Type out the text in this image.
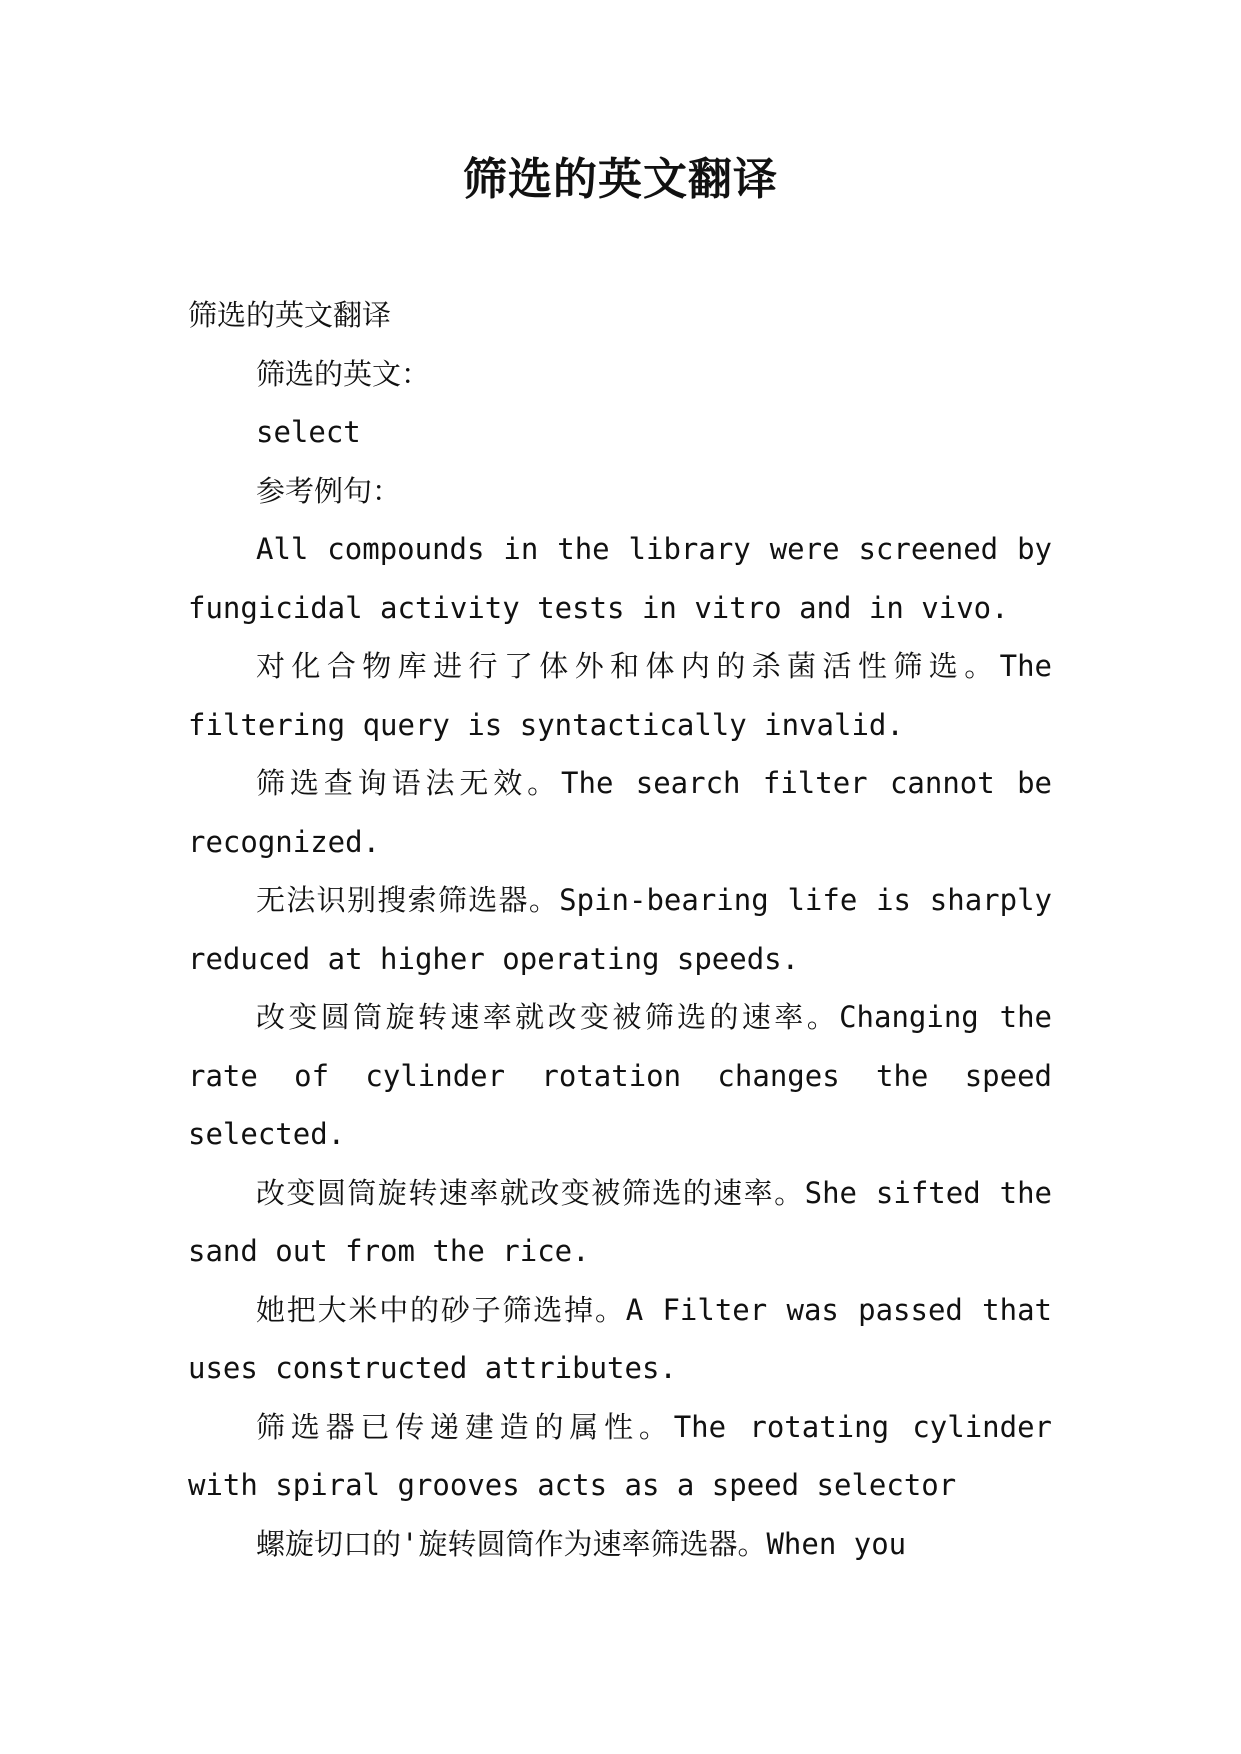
筛选的英文翻译

筛选的英文翻译

筛选的英文：

select

参考例句：

All compounds in the library were screened by fungicidal activity tests in vitro and in vivo.

对化合物库进行了体外和体内的杀菌活性筛选。The filtering query is syntactically invalid.

筛选查询语法无效。The search filter cannot be recognized.

无法识别搜索筛选器。Spin-bearing life is sharply reduced at higher operating speeds.

改变圆筒旋转速率就改变被筛选的速率。Changing the rate of cylinder rotation changes the speed selected.

改变圆筒旋转速率就改变被筛选的速率。She sifted the sand out from the rice.

她把大米中的砂子筛选掉。A Filter was passed that uses constructed attributes.

筛选器已传递建造的属性。The rotating cylinder with spiral grooves acts as a speed selector

螺旋切口的'旋转圆筒作为速率筛选器。When you
